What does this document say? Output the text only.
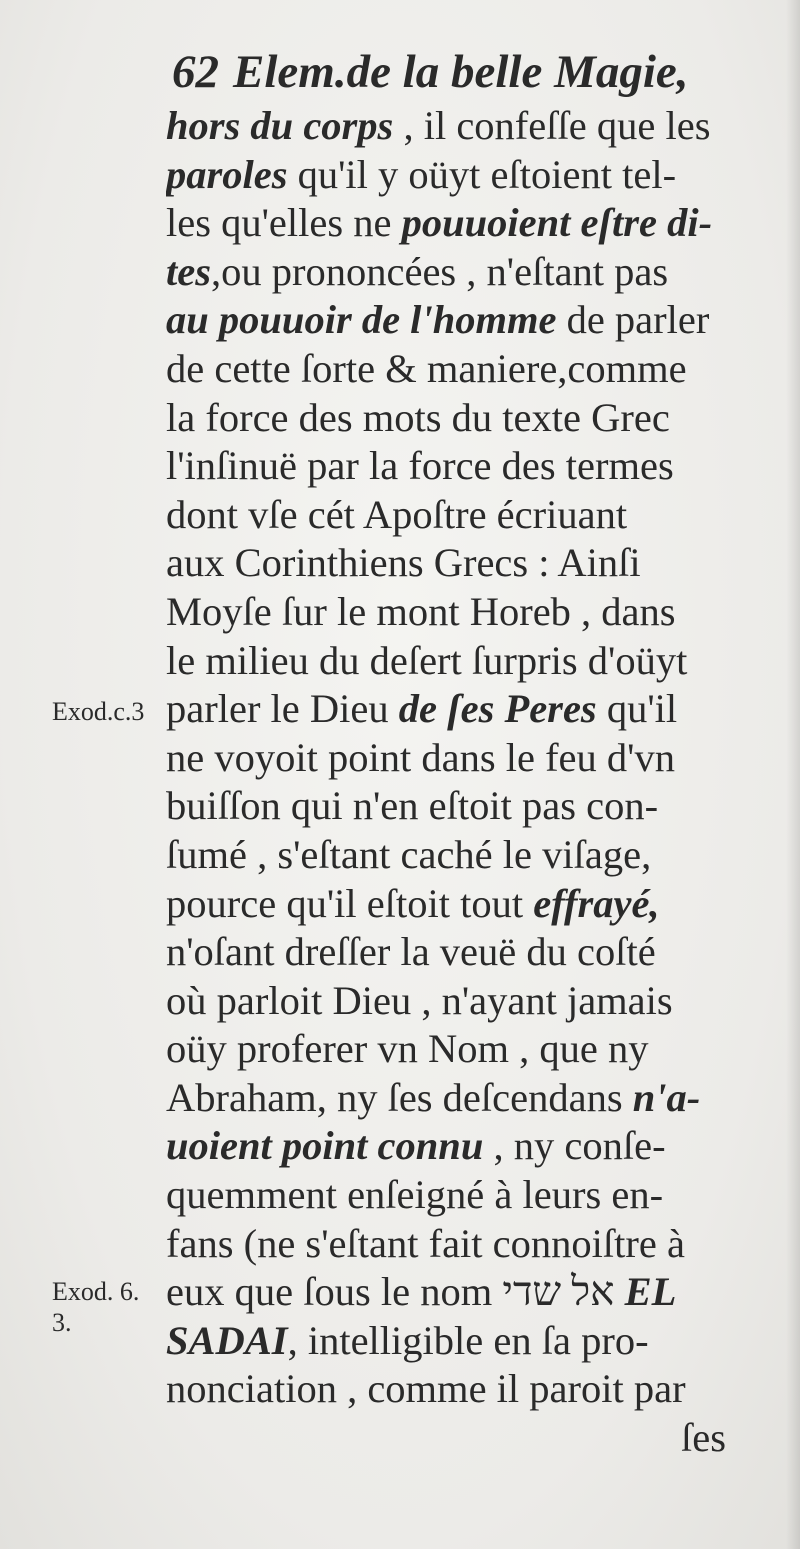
62 Elem.de la belle Magie,
Exod.c.3
Exod. 6.
3.
hors du corps , il confeſſe que les
paroles qu'il y oüyt eſtoient tel-
les qu'elles ne pouuoient eſtre di-
tes,ou prononcées , n'eſtant pas
au pouuoir de l'homme de parler
de cette ſorte & maniere,comme
la force des mots du texte Grec
l'inſinuë par la force des termes
dont vſe cét Apoſtre écriuant
aux Corinthiens Grecs : Ainſi
Moyſe ſur le mont Horeb , dans
le milieu du deſert ſurpris d'oüyt
parler le Dieu de ſes Peres qu'il
ne voyoit point dans le feu d'vn
buiſſon qui n'en eſtoit pas con-
ſumé , s'eſtant caché le viſage,
pource qu'il eſtoit tout effrayé,
n'oſant dreſſer la veuë du coſté
où parloit Dieu , n'ayant jamais
oüy proferer vn Nom , que ny
Abraham, ny ſes deſcendans n'a-
uoient point connu , ny conſe-
quemment enſeigné à leurs en-
fans (ne s'eſtant fait connoiſtre à
eux que ſous le nom אל שדי EL
SADAI, intelligible en ſa pro-
nonciation , comme il paroit par
ſes
